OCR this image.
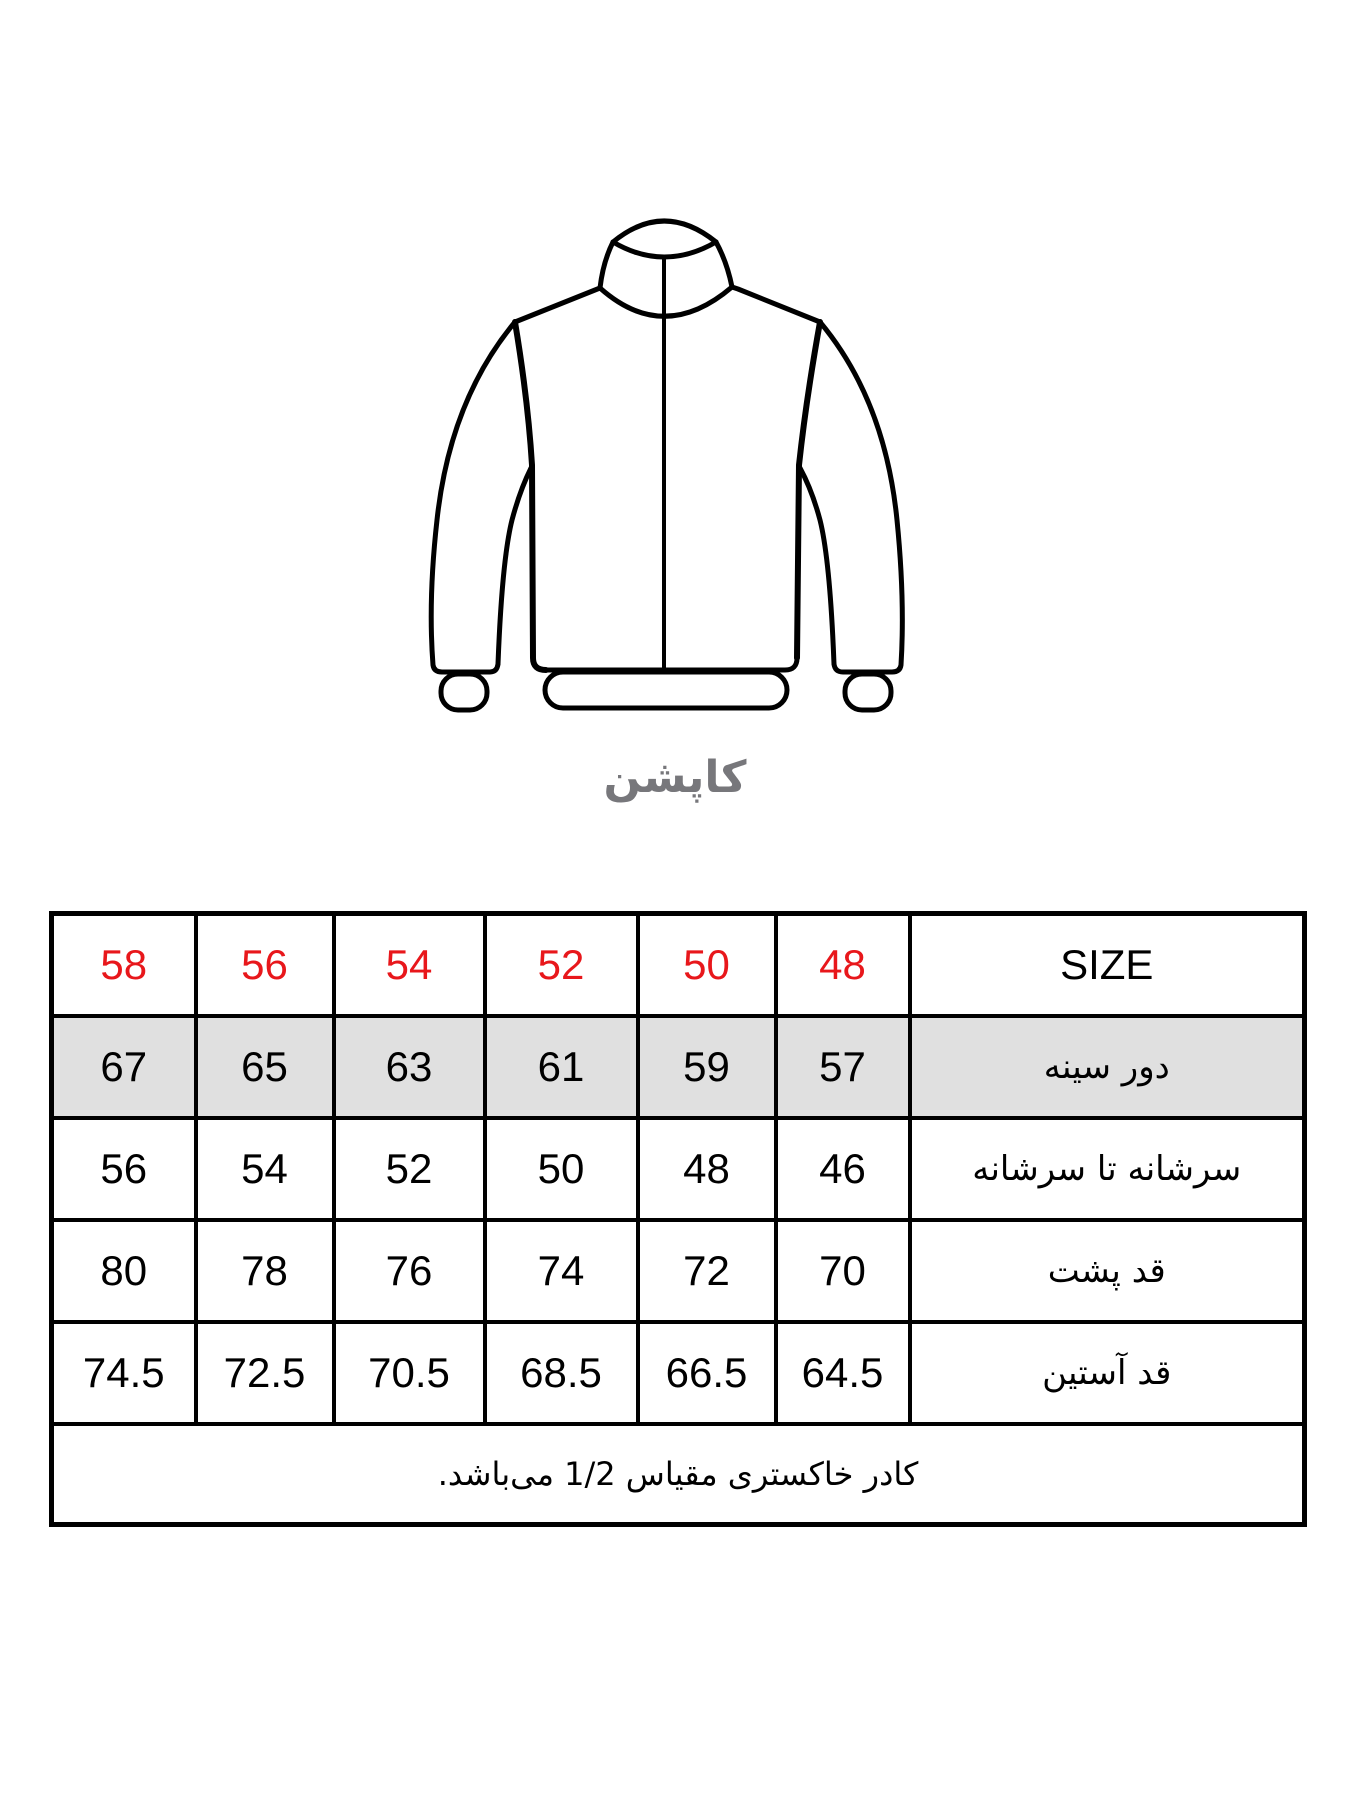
کاپشن
58	56	54	52	50	48	SIZE
67	65	63	61	59	57	دور سینه
56	54	52	50	48	46	سرشانه تا سرشانه
80	78	76	74	72	70	قد پشت
74.5	72.5	70.5	68.5	66.5	64.5	قد آستین
کادر خاکستری مقیاس 1/2 می‌باشد.						
